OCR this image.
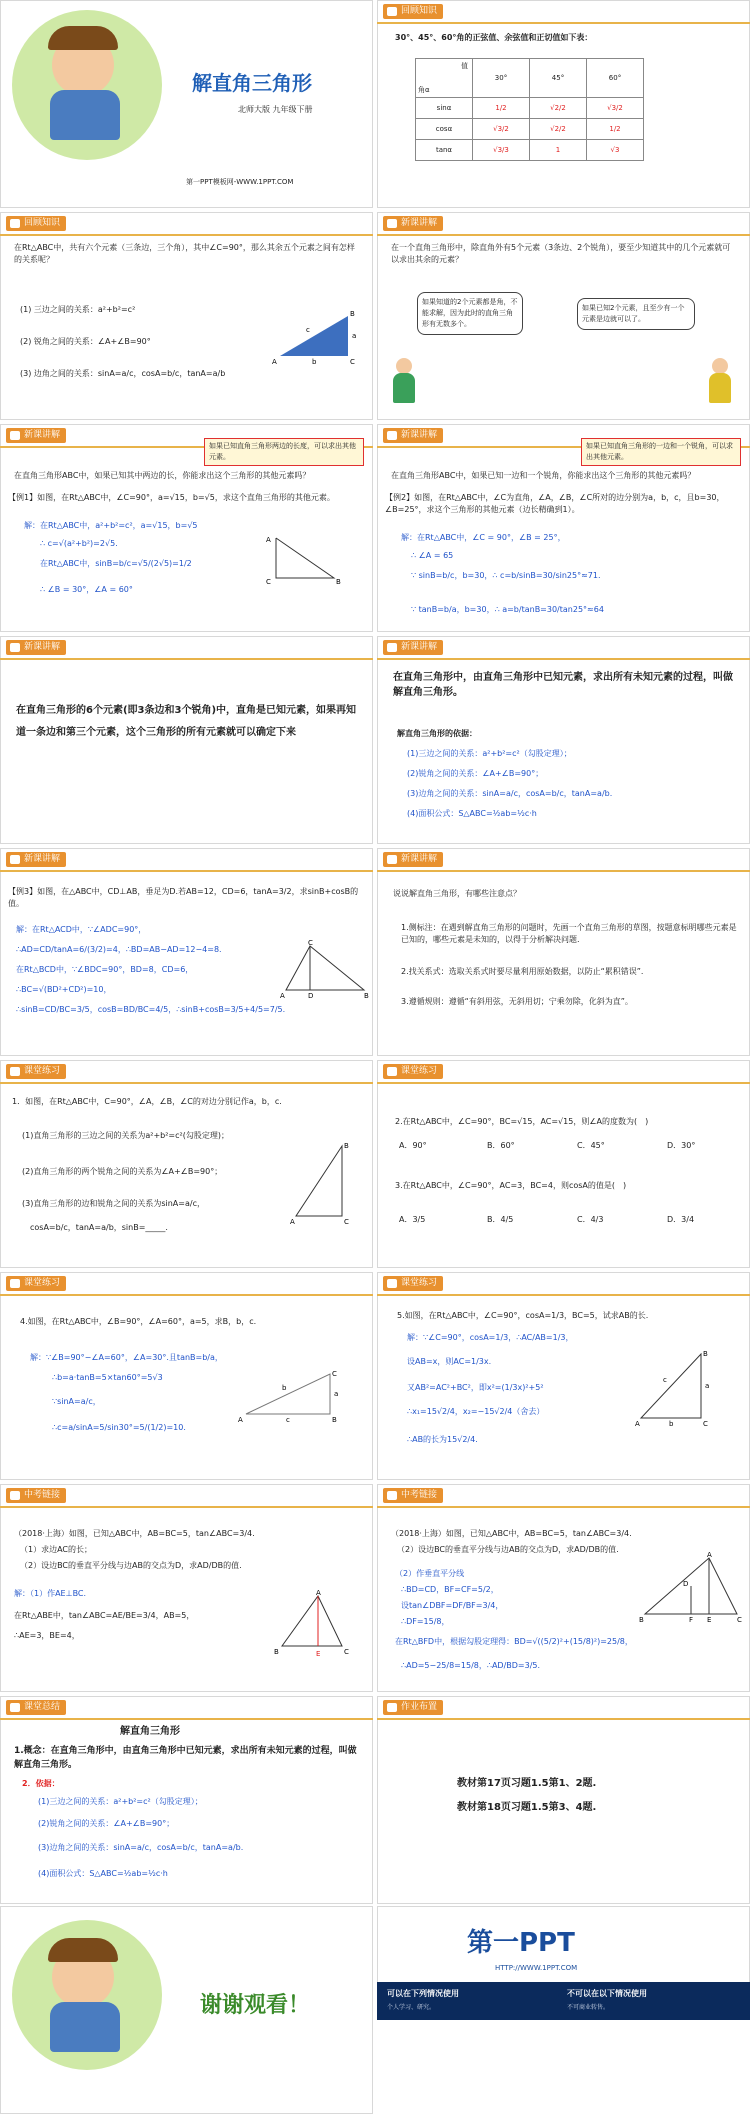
解直角三角形
北师大版 九年级下册
第一PPT模板网-WWW.1PPT.COM
回顾知识
30°、45°、60°角的正弦值、余弦值和正切值如下表：
值
角α	30°	45°	60°
sinα	1/2	√2/2	√3/2
cosα	√3/2	√2/2	1/2
tanα	√3/3	1	√3
回顾知识
在Rt△ABC中，共有六个元素（三条边，三个角），其中∠C=90°，那么其余五个元素之间有怎样的关系呢？
(1) 三边之间的关系：a²+b²=c²
(2) 锐角之间的关系：∠A+∠B=90°
(3) 边角之间的关系：sinA=a/c，cosA=b/c，tanA=a/b
A
B
C
a
b
c
新课讲解
在一个直角三角形中，除直角外有5个元素（3条边、2个锐角），要至少知道其中的几个元素就可以求出其余的元素？
如果知道的2个元素都是角，不能求解，因为此时的直角三角形有无数多个。
如果已知2个元素，且至少有一个元素是边就可以了。
新课讲解
如果已知直角三角形两边的长度，可以求出其他元素。
在直角三角形ABC中，如果已知其中两边的长，你能求出这个三角形的其他元素吗？
【例1】如图，在Rt△ABC中，∠C=90°，a=√15，b=√5，求这个直角三角形的其他元素。
解：在Rt△ABC中，a²+b²=c²，a=√15，b=√5
∴ c=√(a²+b²)=2√5.
在Rt△ABC中，sinB=b/c=√5/(2√5)=1/2
∴ ∠B = 30°，∠A = 60°
A
B
C
新课讲解
如果已知直角三角形的一边和一个锐角，可以求出其他元素。
在直角三角形ABC中，如果已知一边和一个锐角，你能求出这个三角形的其他元素吗？
【例2】如图，在Rt△ABC中，∠C为直角，∠A，∠B，∠C所对的边分别为a，b，c，且b=30，∠B=25°，求这个三角形的其他元素（边长精确到1）。
解：在Rt△ABC中，∠C = 90°，∠B = 25°，
∴ ∠A = 65
∵ sinB=b/c，b=30，∴ c=b/sinB=30/sin25°≈71.
∵ tanB=b/a，b=30，∴ a=b/tanB=30/tan25°≈64
新课讲解
在直角三角形的6个元素(即3条边和3个锐角)中，直角是已知元素，如果再知道一条边和第三个元素，这个三角形的所有元素就可以确定下来
新课讲解
在直角三角形中，由直角三角形中已知元素，求出所有未知元素的过程，叫做解直角三角形。
解直角三角形的依据：
(1)三边之间的关系：a²+b²=c²（勾股定理）；
(2)锐角之间的关系：∠A+∠B=90°；
(3)边角之间的关系：sinA=a/c，cosA=b/c，tanA=a/b.
(4)面积公式：S△ABC=½ab=½c·h
新课讲解
【例3】如图，在△ABC中，CD⊥AB，垂足为D.若AB=12，CD=6，tanA=3/2，求sinB+cosB的值。
解：在Rt△ACD中，∵∠ADC=90°，
∴AD=CD/tanA=6/(3/2)=4，∴BD=AB−AD=12−4=8.
在Rt△BCD中，∵∠BDC=90°，BD=8，CD=6，
∴BC=√(BD²+CD²)=10，
∴sinB=CD/BC=3/5，cosB=BD/BC=4/5，∴sinB+cosB=3/5+4/5=7/5.
A	B
C
D
新课讲解
说说解直角三角形，有哪些注意点？
1.侧标注：在遇到解直角三角形的问题时，先画一个直角三角形的草图，按题意标明哪些元素是已知的，哪些元素是未知的，以得于分析解决问题.
2.找关系式：选取关系式时要尽量利用原始数据，以防止“累积错误”.
3.遵循规则：遵循“有斜用弦，无斜用切；宁乘勿除，化斜为直”。
课堂练习
1．如图，在Rt△ABC中，C=90°，∠A，∠B，∠C的对边分别记作a，b，c.
(1)直角三角形的三边之间的关系为a²+b²=c²(勾股定理)；
(2)直角三角形的两个锐角之间的关系为∠A+∠B=90°；
(3)直角三角形的边和锐角之间的关系为sinA=a/c，
cosA=b/c，tanA=a/b，sinB=_____.
A
B
C
课堂练习
2.在Rt△ABC中，∠C=90°，BC=√15，AC=√15，则∠A的度数为(　)
A．90°	B．60°	C．45°	D．30°
3.在Rt△ABC中，∠C=90°，AC=3，BC=4，则cosA的值是(　)
A．3/5	B．4/5	C．4/3	D．3/4
课堂练习
4.如图，在Rt△ABC中，∠B=90°，∠A=60°，a=5，求B，b，c.
解：∵∠B=90°−∠A=60°，∠A=30°.且tanB=b/a，
∴b=a·tanB=5×tan60°=5√3
∵sinA=a/c，
∴c=a/sinA=5/sin30°=5/(1/2)=10.
A
C
B
a
c
b
课堂练习
5.如图，在Rt△ABC中，∠C=90°，cosA=1/3，BC=5，试求AB的长.
解：∵∠C=90°，cosA=1/3，∴AC/AB=1/3，
设AB=x，则AC=1/3x.
又AB²=AC²+BC²，即x²=(1/3x)²+5²
∴x₁=15√2/4，x₂=−15√2/4（舍去）
∴AB的长为15√2/4.
A
B
C
a
b
c
中考链接
（2018·上海）如图，已知△ABC中，AB=BC=5，tan∠ABC=3/4.
（1）求边AC的长；
（2）设边BC的垂直平分线与边AB的交点为D，求AD/DB的值.
解：（1）作AE⊥BC.
在Rt△ABE中，tan∠ABC=AE/BE=3/4，AB=5，
∴AE=3，BE=4，
A
B	C
E
中考链接
（2018·上海）如图，已知△ABC中，AB=BC=5，tan∠ABC=3/4.
（2）设边BC的垂直平分线与边AB的交点为D，求AD/DB的值.
（2）作垂直平分线
∴BD=CD，BF=CF=5/2，
设tan∠DBF=DF/BF=3/4，
∴DF=15/8，
在Rt△BFD中，根据勾股定理得：BD=√((5/2)²+(15/8)²)=25/8，
∴AD=5−25/8=15/8，∴AD/BD=3/5.
A
B	C
D
E
F
课堂总结
解直角三角形
1.概念：在直角三角形中，由直角三角形中已知元素，求出所有未知元素的过程，叫做解直角三角形。
2．依据：
(1)三边之间的关系：a²+b²=c²（勾股定理）；
(2)锐角之间的关系：∠A+∠B=90°；
(3)边角之间的关系：sinA=a/c，cosA=b/c，tanA=a/b.
(4)面积公式：S△ABC=½ab=½c·h
作业布置
教材第17页习题1.5第1、2题.
教材第18页习题1.5第3、4题.
谢谢观看！
第一PPT
HTTP://WWW.1PPT.COM
可以在下列情况使用	不可以在以下情况使用
个人学习、研究。	不可商业转售。
